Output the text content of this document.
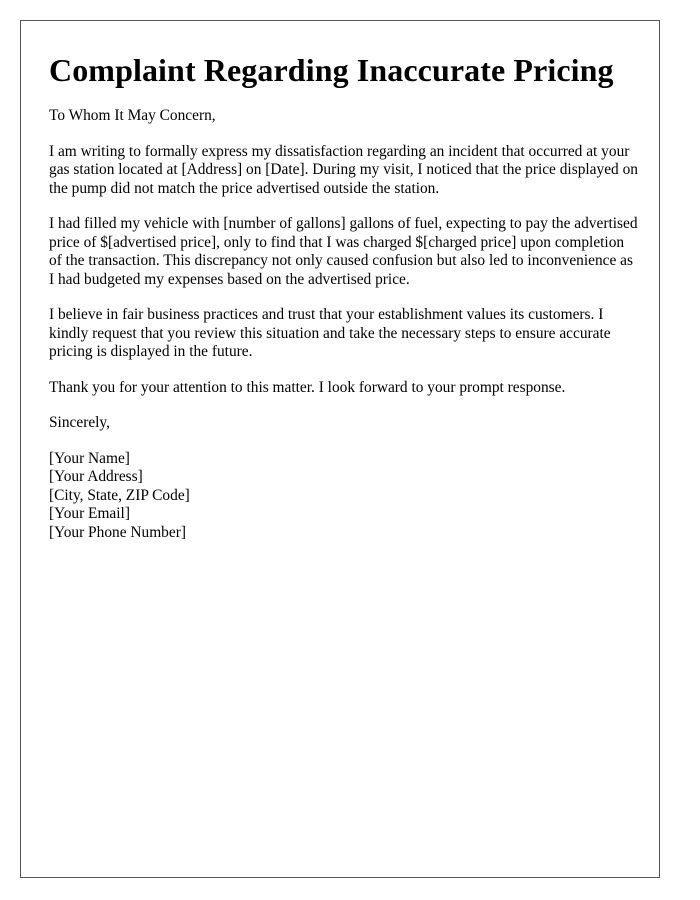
Complaint Regarding Inaccurate Pricing

To Whom It May Concern,

I am writing to formally express my dissatisfaction regarding an incident that occurred at your gas station located at [Address] on [Date]. During my visit, I noticed that the price displayed on the pump did not match the price advertised outside the station.

I had filled my vehicle with [number of gallons] gallons of fuel, expecting to pay the advertised price of $[advertised price], only to find that I was charged $[charged price] upon completion of the transaction. This discrepancy not only caused confusion but also led to inconvenience as I had budgeted my expenses based on the advertised price.

I believe in fair business practices and trust that your establishment values its customers. I kindly request that you review this situation and take the necessary steps to ensure accurate pricing is displayed in the future.

Thank you for your attention to this matter. I look forward to your prompt response.

Sincerely,

[Your Name]
[Your Address]
[City, State, ZIP Code]
[Your Email]
[Your Phone Number]
